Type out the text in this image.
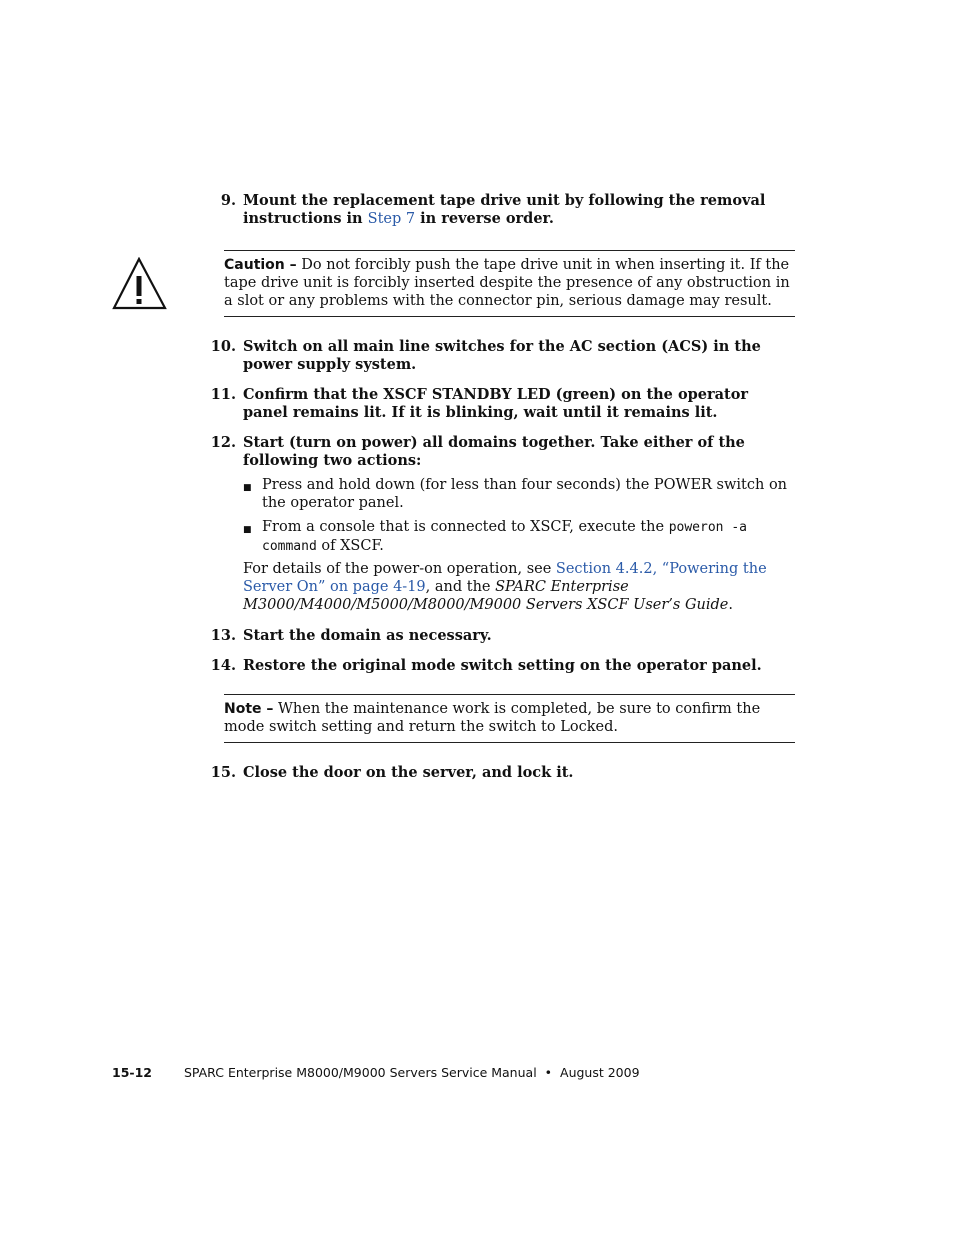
9. Mount the replacement tape drive unit by following the removal instructions in Step 7 in reverse order.
Caution – Do not forcibly push the tape drive unit in when inserting it. If the tape drive unit is forcibly inserted despite the presence of any obstruction in a slot or any problems with the connector pin, serious damage may result.
10. Switch on all main line switches for the AC section (ACS) in the power supply system.
11. Confirm that the XSCF STANDBY LED (green) on the operator panel remains lit. If it is blinking, wait until it remains lit.
12. Start (turn on power) all domains together. Take either of the following two actions:
■ Press and hold down (for less than four seconds) the POWER switch on the operator panel.
■ From a console that is connected to XSCF, execute the poweron -a command of XSCF.
For details of the power-on operation, see Section 4.4.2, “Powering the Server On” on page 4-19, and the SPARC Enterprise M3000/M4000/M5000/M8000/M9000 Servers XSCF User’s Guide.
13. Start the domain as necessary.
14. Restore the original mode switch setting on the operator panel.
Note – When the maintenance work is completed, be sure to confirm the mode switch setting and return the switch to Locked.
15. Close the door on the server, and lock it.
15-12	SPARC Enterprise M8000/M9000 Servers Service Manual • August 2009
